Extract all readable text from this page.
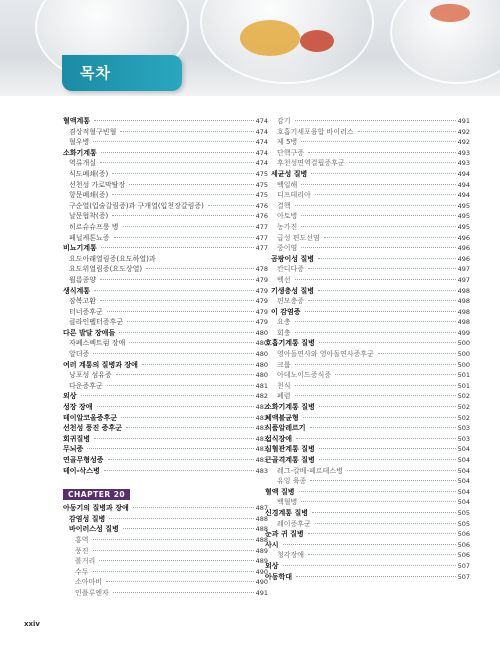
목차
혈액계통	474
겸상적혈구빈혈	474
혈우병	474
소화기계통	474
역류개실	474
식도폐쇄(증)	475
선천성 가로막탈장	475
항문폐쇄(증)	475
구순열(입술갈림증)과 구개열(입천장갈림증)	476
날문협착(증)	476
히르슈슈프룽 병	477
페닐케톤뇨증	477
비뇨기계통	477
요도아래열림증(요도하열)과
요도위열림증(요도상열)	478
윌름종양	479
생식계통	479
잠복고환	479
터너증후군	479
클라인펠터증후군	479
다른 발달 장애들	480
자폐스펙트럼 장애	480
알더증	480
여러 계통의 질병과 장애	480
낭포성 섬유증	480
다운증후군	481
외상	482
성장 장애	482
테이알코올증후군	483
선천성 풍진 증후군	483
회귀질병	483
무뇌증	483
연골무형성증	483
테이-삭스병	483
CHAPTER 20
아동기의 질병과 장애	487
감염성 질병	488
바이러스성 질병	488
홍역	488
풍진	489
볼거리	489
수두	490
소아마비	490
인플루엔자	491
감기	491
호흡기세포융합 바이러스	492
제 5병	492
단핵구증	493
후천성면역결핍증후군	493
세균성 질병	494
백일해	494
디프테리아	494
결핵	495
아토병	495
농가진	495
급성 편도선염	496
중이염	496
곰팡이성 질병	496
칸디다증	497
백선	497
기생충성 질병	498
편모충증	498
이 감염증	498
요충	498
회충	499
호흡기계통 질병	500
영아돌연사와 영아돌연사증후군	500
크룹	500
아데노이드증식증	501
천식	501
폐렴	502
소화기계통 질병	502
체액불균형	502
식품알레르기	503
섭식장애	503
심혈관계통 질병	504
근골격계통 질병	504
레그-칼베-페르테스병	504
유잉 육종	504
혈액 질병	504
백혈병	504
신경계통 질병	505
레이증후군	505
눈과 귀 질병	506
사시	506
청각장애	506
외상	507
아동학대	507
xxiv
